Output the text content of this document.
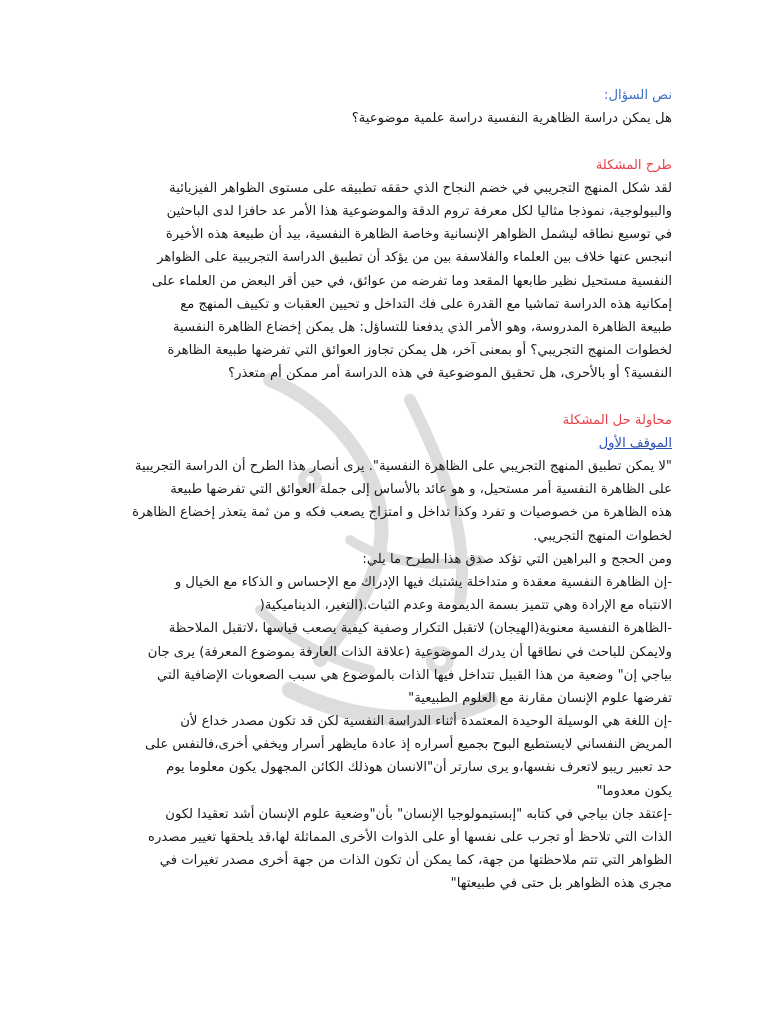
نص السؤال:
هل يمكن دراسة الظاهرية النفسية دراسة علمية موضوعية؟
طرح المشكلة
لقد شكل المنهج التجريبي في خضم النجاح الذي حققه تطبيقه على مستوى الظواهر الفيزيائية
والبيولوجية، نموذجا مثاليا لكل معرفة تروم الدقة والموضوعية هذا الأمر عد حافزا لدى الباحثين
في توسيع نطاقه ليشمل الظواهر الإنسانية وخاصة الظاهرة النفسية، بيد أن طبيعة هذه الأخيرة
انبجس عنها خلاف بين العلماء والفلاسفة بين من يؤكد أن تطبيق الدراسة التجريبية على الظواهر
النفسية مستحيل نظير طابعها المقعد وما تفرضه من عوائق، في حين أقر البعض من العلماء على
إمكانية هذه الدراسة تماشيا مع القدرة على فك التداخل و تحيين العقبات و تكييف المنهج مع
طبيعة الظاهرة المدروسة، وهو الأمر الذي يدفعنا للتساؤل: هل يمكن إخضاع الظاهرة النفسية
لخطوات المنهج التجريبي؟ أو بمعنى آخر، هل يمكن تجاوز العوائق التي تفرضها طبيعة الظاهرة
النفسية؟ أو بالأحرى، هل تحقيق الموضوعية في هذه الدراسة أمر ممكن أم متعذر؟
محاولة حل المشكلة
الموقف الأول
"لا يمكن تطبيق المنهج التجريبي على الظاهرة النفسية". يرى أنصار هذا الطرح أن الدراسة التجريبية
على الظاهرة النفسية أمر مستحيل، و هو عائد بالأساس إلى جملة العوائق التي تفرضها طبيعة
هذه الظاهرة من خصوصيات و تفرد وكذا تداخل و امتزاج يصعب فكه و من ثمة يتعذر إخضاع الظاهرة
لخطوات المنهج التجريبي.
ومن الحجج و البراهين التي تؤكد صدق هذا الطرح ما يلي:
-إن الظاهرة النفسية معقدة و متداخلة يشتبك فيها الإدراك مع الإحساس و الذكاء مع الخيال و
الانتباه مع الإرادة وهي تتميز بسمة الديمومة وعدم الثبات.(التغير، الديناميكية(
-الظاهرة النفسية معنوية(الهيجان) لاتقبل التكرار وصفية كيفية يصعب قياسها ،لاتقبل الملاحظة
ولايمكن للباحث في نطاقها أن يدرك الموضوعية (علاقة الذات العارفة بموضوع المعرفة) يرى جان
بياجي إن" وضعية من هذا القبيل تتداخل فيها الذات بالموضوع هي سبب الصعوبات الإضافية التي
تفرضها علوم الإنسان مقارنة مع العلوم الطبيعية"
-إن اللغة هي الوسيلة الوحيدة المعتمدة أثناء الدراسة النفسية لكن قد تكون مصدر خداع لأن
المريض النفساني لايستطيع البوح بجميع أسراره إذ عادة مايظهر أسرار ويخفي أخرى،فالنفس على
حد تعبير ريبو لاتعرف نفسها،و يرى سارتر أن"الانسان هوذلك الكائن المجهول يكون معلوما يوم
يكون معدوما"
-إعتقد جان بياجي في كتابه "إبستيمولوجيا الإنسان" بأن"وضعية علوم الإنسان أشد تعقيدا لكون
الذات التي تلاحظ أو تجرب على نفسها أو على الذوات الأخرى المماثلة لها،قد يلحقها تغيير مصدره
الظواهر التي تتم ملاحظتها من جهة، كما يمكن أن تكون الذات من جهة أخرى مصدر تغيرات في
مجرى هذه الظواهر بل حتى في طبيعتها"
